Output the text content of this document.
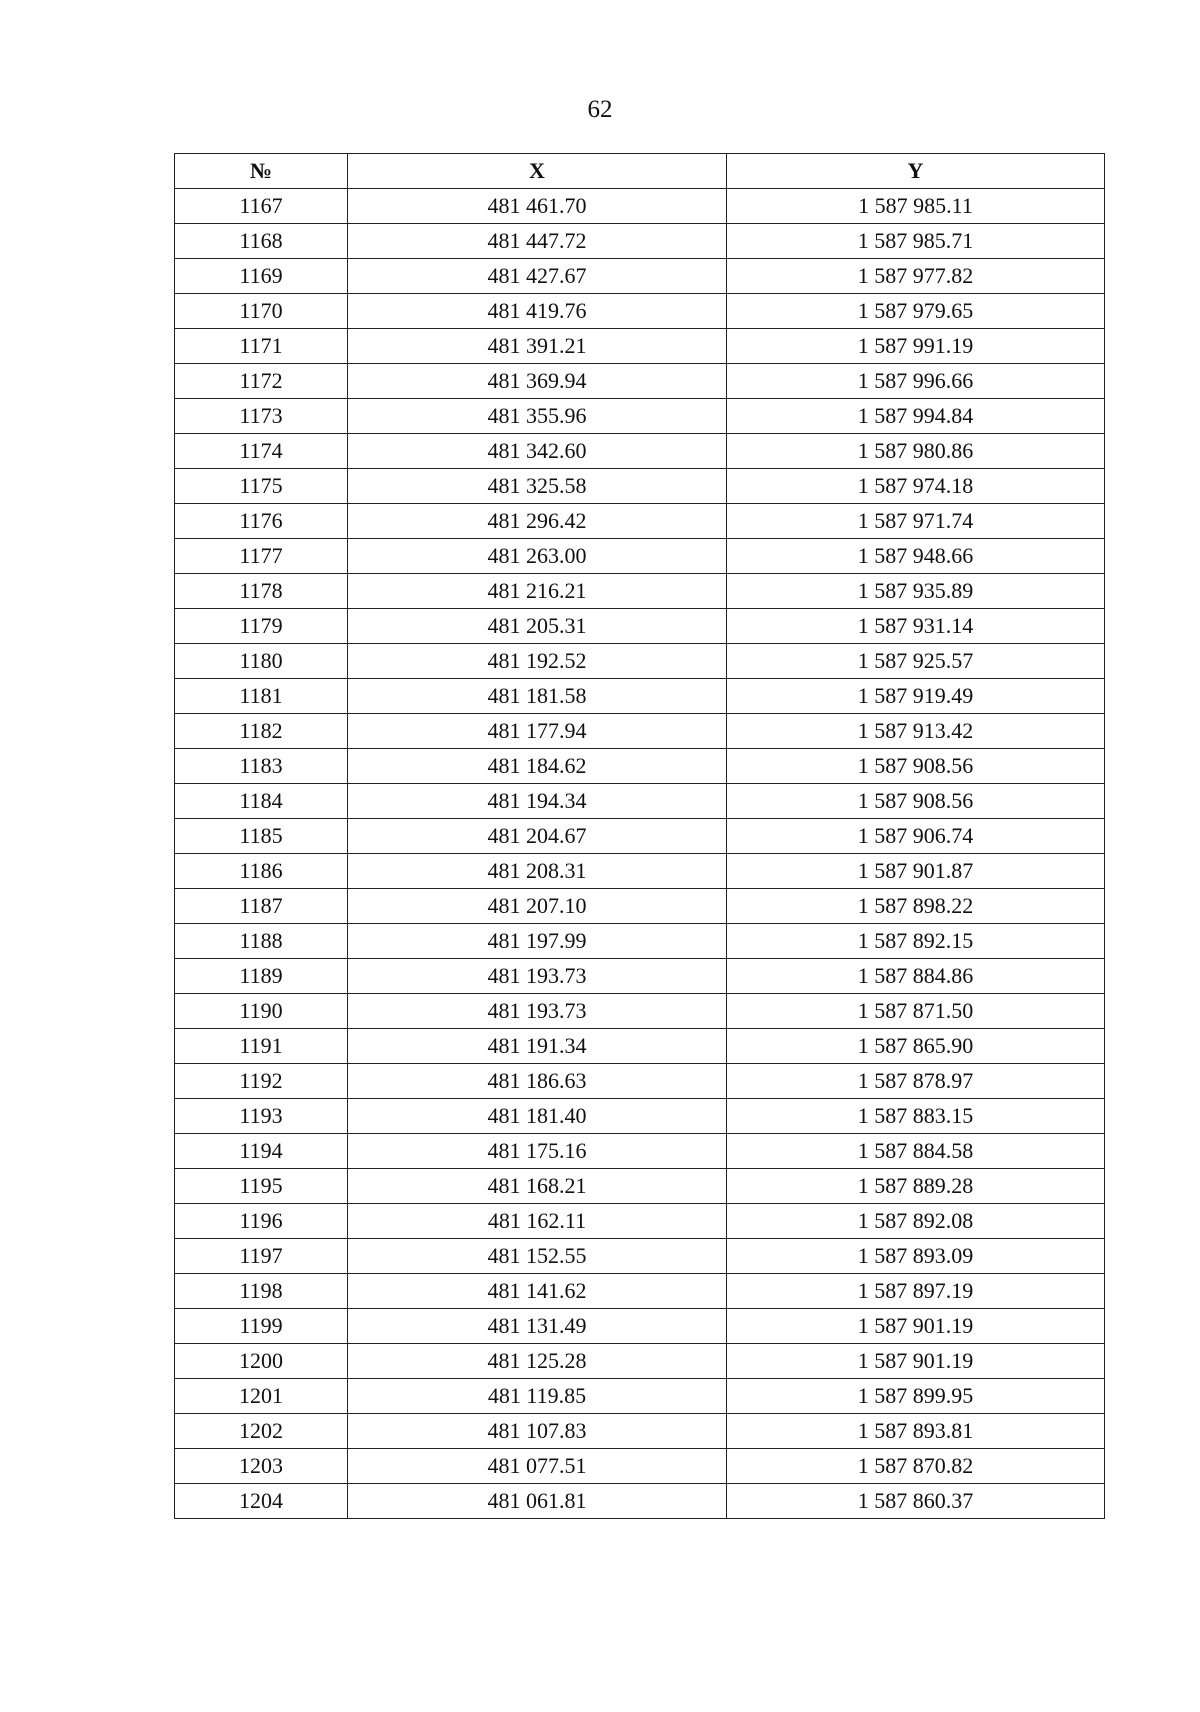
62
№	X	Y
1167	481 461.70	1 587 985.11
1168	481 447.72	1 587 985.71
1169	481 427.67	1 587 977.82
1170	481 419.76	1 587 979.65
1171	481 391.21	1 587 991.19
1172	481 369.94	1 587 996.66
1173	481 355.96	1 587 994.84
1174	481 342.60	1 587 980.86
1175	481 325.58	1 587 974.18
1176	481 296.42	1 587 971.74
1177	481 263.00	1 587 948.66
1178	481 216.21	1 587 935.89
1179	481 205.31	1 587 931.14
1180	481 192.52	1 587 925.57
1181	481 181.58	1 587 919.49
1182	481 177.94	1 587 913.42
1183	481 184.62	1 587 908.56
1184	481 194.34	1 587 908.56
1185	481 204.67	1 587 906.74
1186	481 208.31	1 587 901.87
1187	481 207.10	1 587 898.22
1188	481 197.99	1 587 892.15
1189	481 193.73	1 587 884.86
1190	481 193.73	1 587 871.50
1191	481 191.34	1 587 865.90
1192	481 186.63	1 587 878.97
1193	481 181.40	1 587 883.15
1194	481 175.16	1 587 884.58
1195	481 168.21	1 587 889.28
1196	481 162.11	1 587 892.08
1197	481 152.55	1 587 893.09
1198	481 141.62	1 587 897.19
1199	481 131.49	1 587 901.19
1200	481 125.28	1 587 901.19
1201	481 119.85	1 587 899.95
1202	481 107.83	1 587 893.81
1203	481 077.51	1 587 870.82
1204	481 061.81	1 587 860.37
